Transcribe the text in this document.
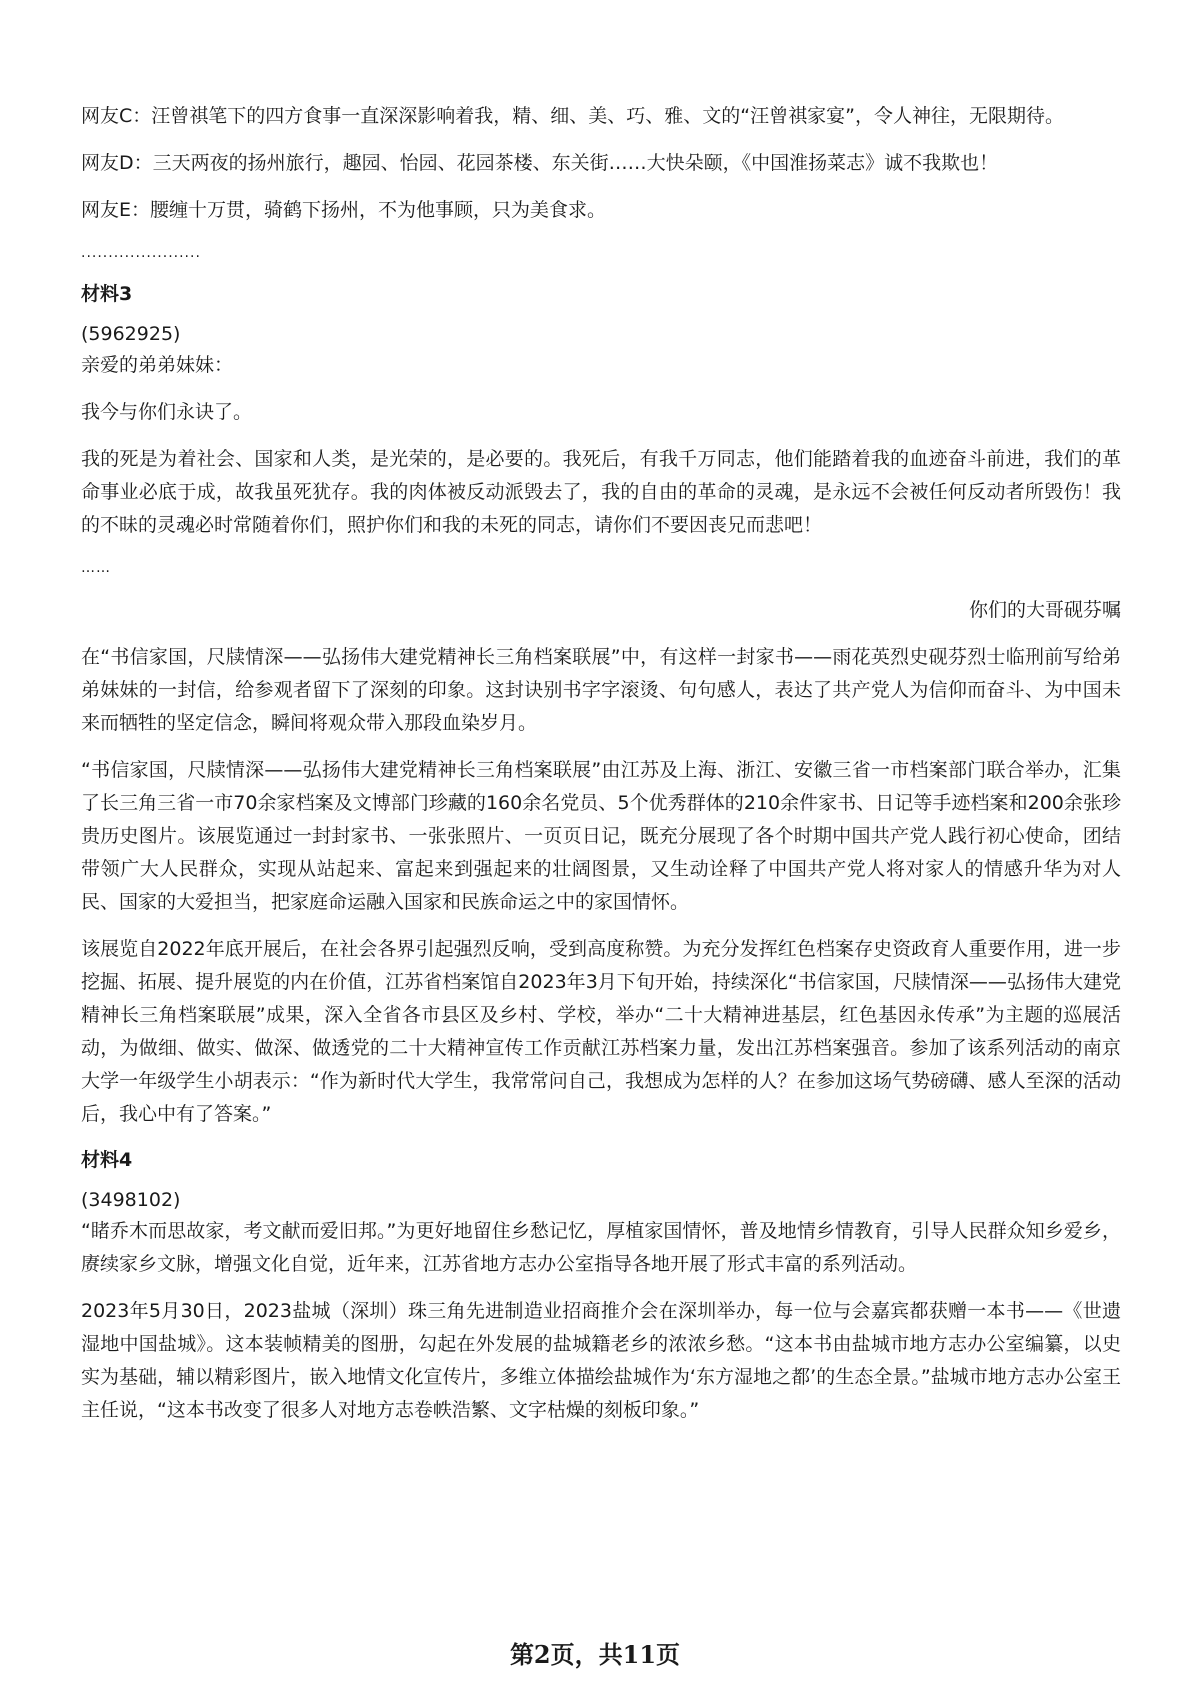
网友C：汪曾祺笔下的四方食事一直深深影响着我，精、细、美、巧、雅、文的“汪曾祺家宴”，令人神往，无限期待。

网友D：三天两夜的扬州旅行，趣园、怡园、花园茶楼、东关街……大快朵颐，《中国淮扬菜志》诚不我欺也！

网友E：腰缠十万贯，骑鹤下扬州，不为他事顾，只为美食求。

......................

材料3

(5962925)

亲爱的弟弟妹妹：

我今与你们永诀了。

我的死是为着社会、国家和人类，是光荣的，是必要的。我死后，有我千万同志，他们能踏着我的血迹奋斗前进，我们的革命事业必底于成，故我虽死犹存。我的肉体被反动派毁去了，我的自由的革命的灵魂，是永远不会被任何反动者所毁伤！我的不昧的灵魂必时常随着你们，照护你们和我的未死的同志，请你们不要因丧兄而悲吧！

……

你们的大哥砚芬嘱

在“书信家国，尺牍情深——弘扬伟大建党精神长三角档案联展”中，有这样一封家书——雨花英烈史砚芬烈士临刑前写给弟弟妹妹的一封信，给参观者留下了深刻的印象。这封诀别书字字滚烫、句句感人，表达了共产党人为信仰而奋斗、为中国未来而牺牲的坚定信念，瞬间将观众带入那段血染岁月。

“书信家国，尺牍情深——弘扬伟大建党精神长三角档案联展”由江苏及上海、浙江、安徽三省一市档案部门联合举办，汇集了长三角三省一市70余家档案及文博部门珍藏的160余名党员、5个优秀群体的210余件家书、日记等手迹档案和200余张珍贵历史图片。该展览通过一封封家书、一张张照片、一页页日记，既充分展现了各个时期中国共产党人践行初心使命，团结带领广大人民群众，实现从站起来、富起来到强起来的壮阔图景，又生动诠释了中国共产党人将对家人的情感升华为对人民、国家的大爱担当，把家庭命运融入国家和民族命运之中的家国情怀。

该展览自2022年底开展后，在社会各界引起强烈反响，受到高度称赞。为充分发挥红色档案存史资政育人重要作用，进一步挖掘、拓展、提升展览的内在价值，江苏省档案馆自2023年3月下旬开始，持续深化“书信家国，尺牍情深——弘扬伟大建党精神长三角档案联展”成果，深入全省各市县区及乡村、学校，举办“二十大精神进基层，红色基因永传承”为主题的巡展活动，为做细、做实、做深、做透党的二十大精神宣传工作贡献江苏档案力量，发出江苏档案强音。参加了该系列活动的南京大学一年级学生小胡表示：“作为新时代大学生，我常常问自己，我想成为怎样的人？在参加这场气势磅礴、感人至深的活动后，我心中有了答案。”

材料4

(3498102)

“睹乔木而思故家，考文献而爱旧邦。”为更好地留住乡愁记忆，厚植家国情怀，普及地情乡情教育，引导人民群众知乡爱乡，赓续家乡文脉，增强文化自觉，近年来，江苏省地方志办公室指导各地开展了形式丰富的系列活动。

2023年5月30日，2023盐城（深圳）珠三角先进制造业招商推介会在深圳举办，每一位与会嘉宾都获赠一本书——《世遗湿地中国盐城》。这本装帧精美的图册，勾起在外发展的盐城籍老乡的浓浓乡愁。“这本书由盐城市地方志办公室编纂，以史实为基础，辅以精彩图片，嵌入地情文化宣传片，多维立体描绘盐城作为‘东方湿地之都’的生态全景。”盐城市地方志办公室王主任说，“这本书改变了很多人对地方志卷帙浩繁、文字枯燥的刻板印象。”

第2页，共11页
